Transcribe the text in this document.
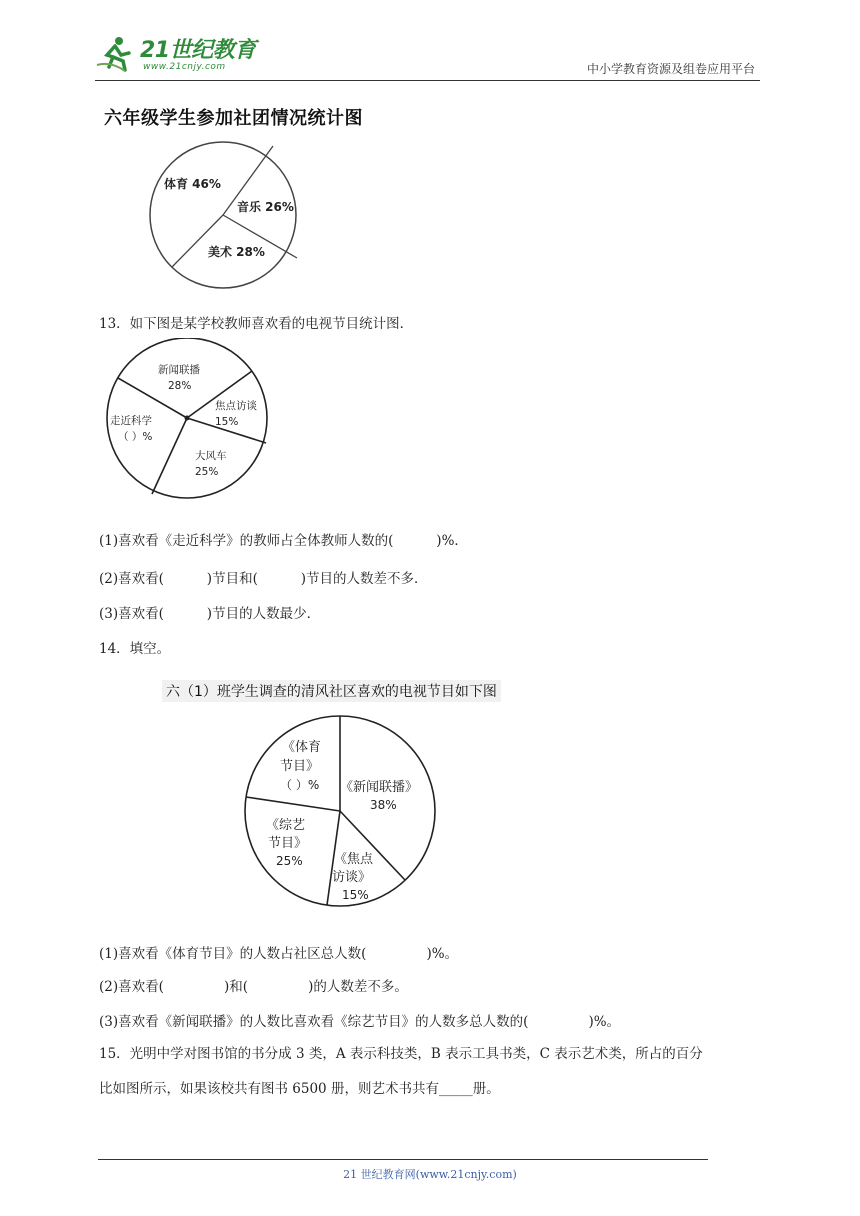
21世纪教育
www.21cnjy.com	中小学教育资源及组卷应用平台
六年级学生参加社团情况统计图
体育 46%
音乐 26%
美术 28%
13．如下图是某学校教师喜欢看的电视节目统计图．
新闻联播
28%
焦点访谈
15%
大风车
25%
走近科学
（ ）%
(1)喜欢看《走近科学》的教师占全体教师人数的(          )%．
(2)喜欢看(          )节目和(          )节目的人数差不多．
(3)喜欢看(          )节目的人数最少．
14．填空。
六（1）班学生调查的清风社区喜欢的电视节目如下图
《体育
节目》
（ ）% 《新闻联播》
38%
《综艺
节目》
25% 《焦点
访谈》
15%
(1)喜欢看《体育节目》的人数占社区总人数(              )%。
(2)喜欢看(              )和(              )的人数差不多。
(3)喜欢看《新闻联播》的人数比喜欢看《综艺节目》的人数多总人数的(              )%。
15．光明中学对图书馆的书分成 3 类，A 表示科技类，B 表示工具书类，C 表示艺术类，所占的百分
比如图所示，如果该校共有图书 6500 册，则艺术书共有_____册。
21 世纪教育网(www.21cnjy.com)
